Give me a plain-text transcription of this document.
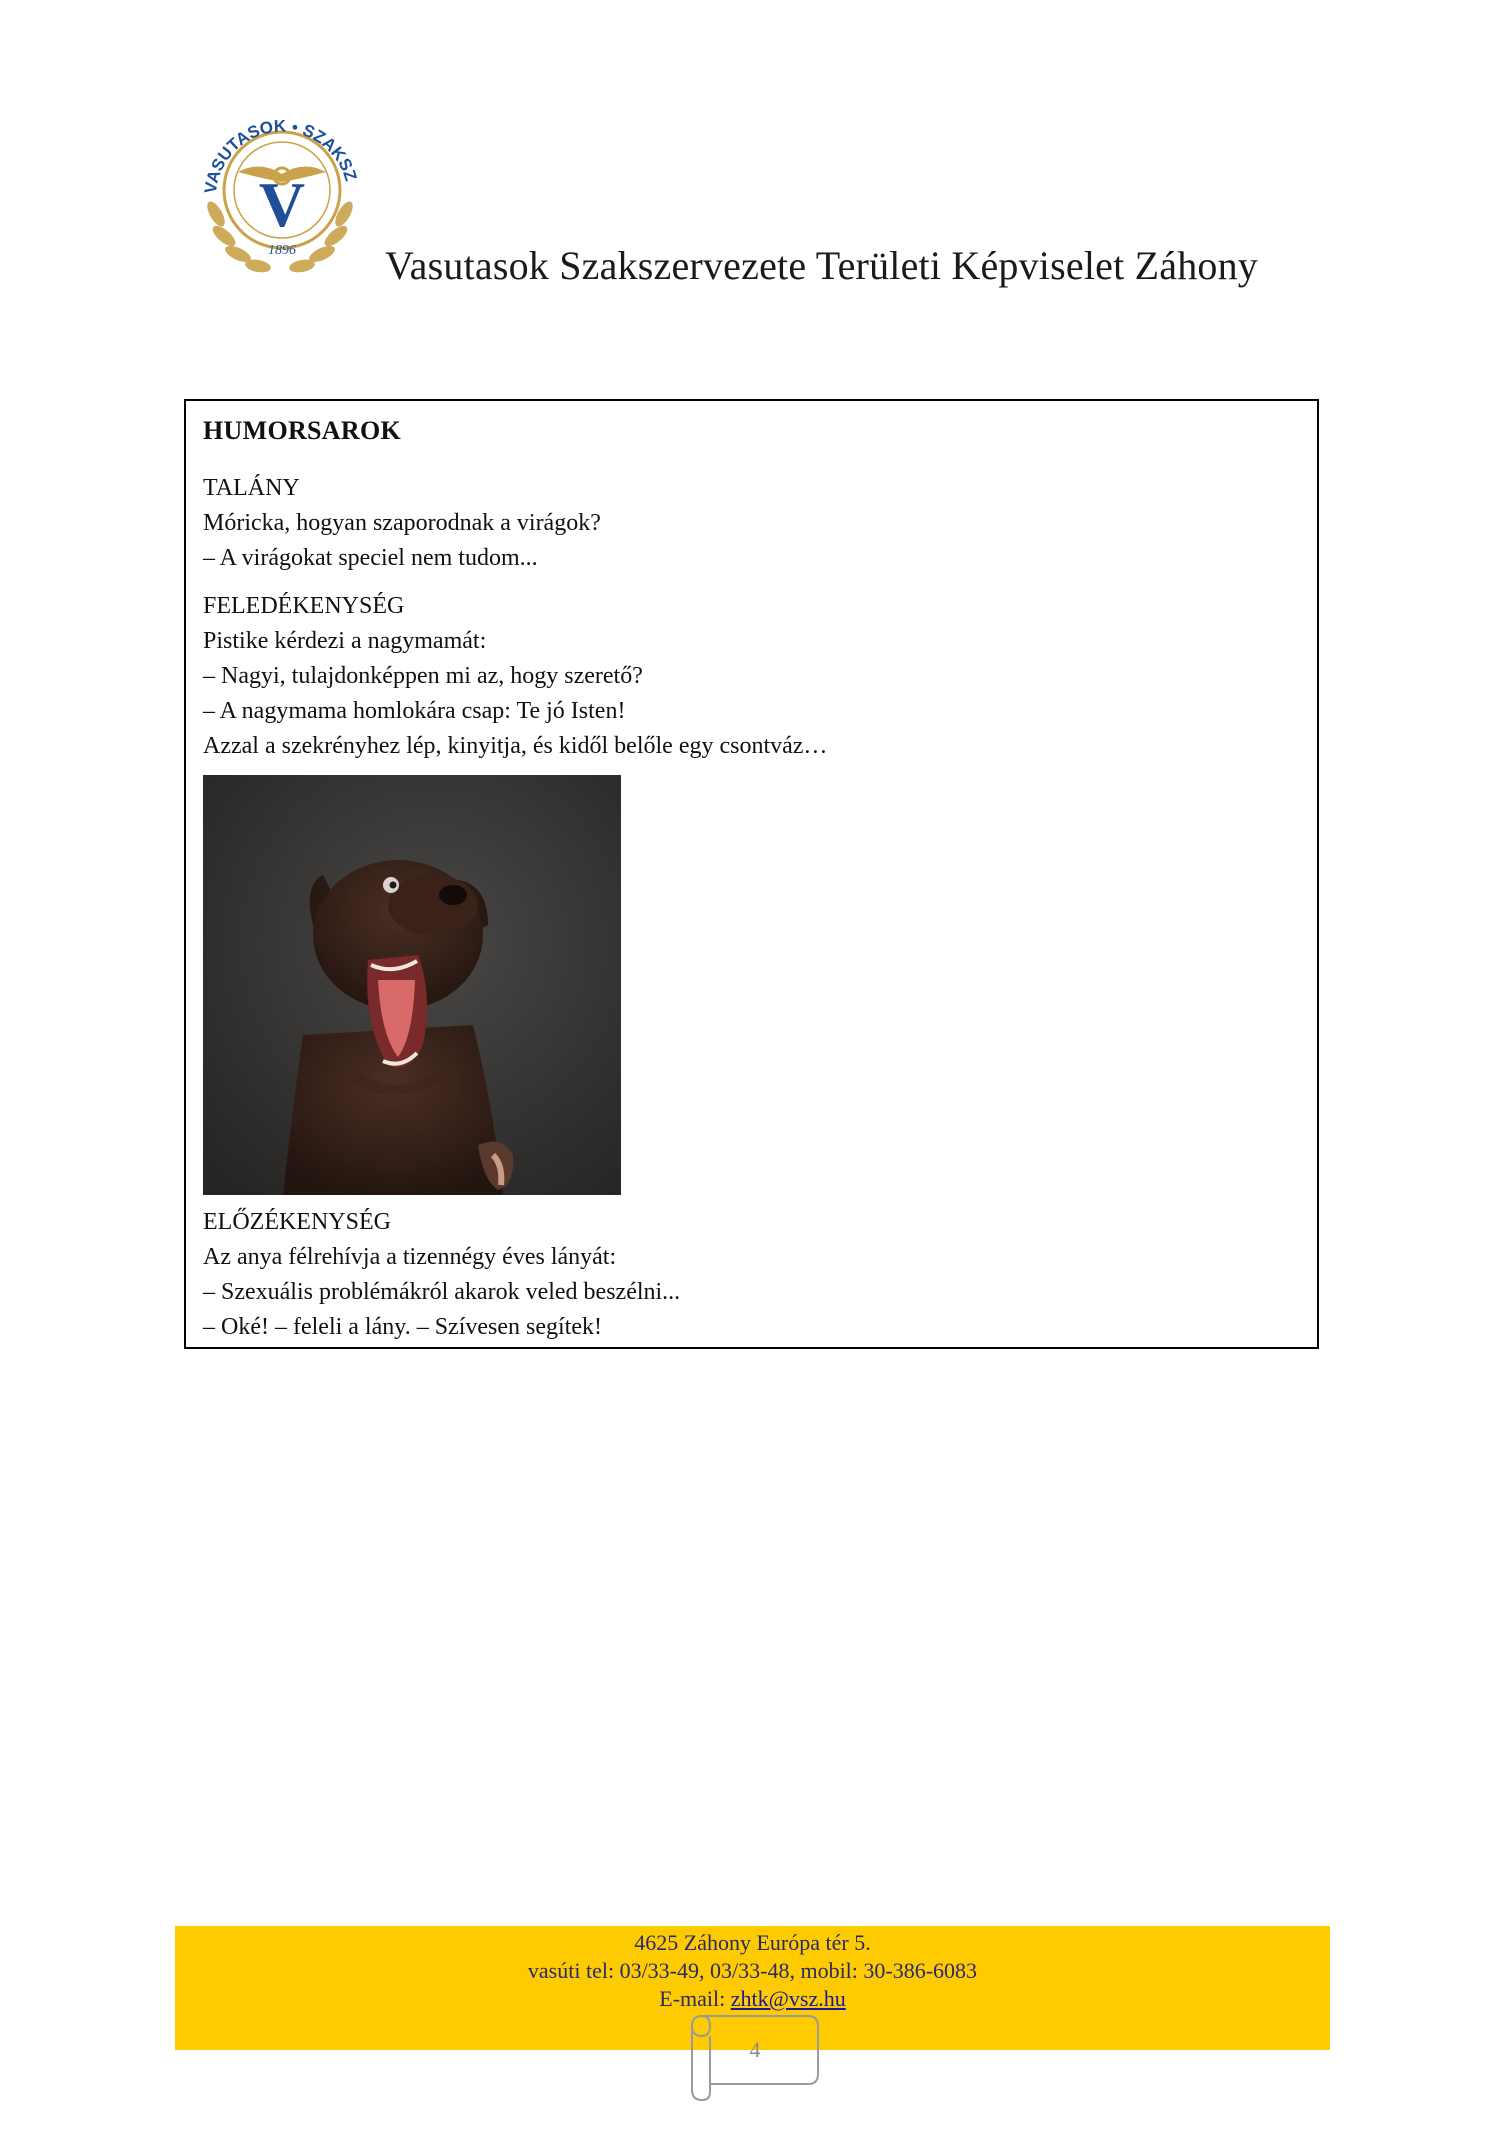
VASUTASOK • SZAKSZ
V
1896 Vasutasok Szakszervezete Területi Képviselet Záhony
HUMORSAROK
TALÁNY
Móricka, hogyan szaporodnak a virágok?
– A virágokat speciel nem tudom...
FELEDÉKENYSÉG
Pistike kérdezi a nagymamát:
– Nagyi, tulajdonképpen mi az, hogy szerető?
– A nagymama homlokára csap: Te jó Isten!
Azzal a szekrényhez lép, kinyitja, és kidől belőle egy csontváz…
ELŐZÉKENYSÉG
Az anya félrehívja a tizennégy éves lányát:
– Szexuális problémákról akarok veled beszélni...
– Oké! – feleli a lány. – Szívesen segítek!
4625 Záhony Európa tér 5.
vasúti tel: 03/33-49, 03/33-48, mobil: 30-386-6083
E-mail: zhtk@vsz.hu
4
